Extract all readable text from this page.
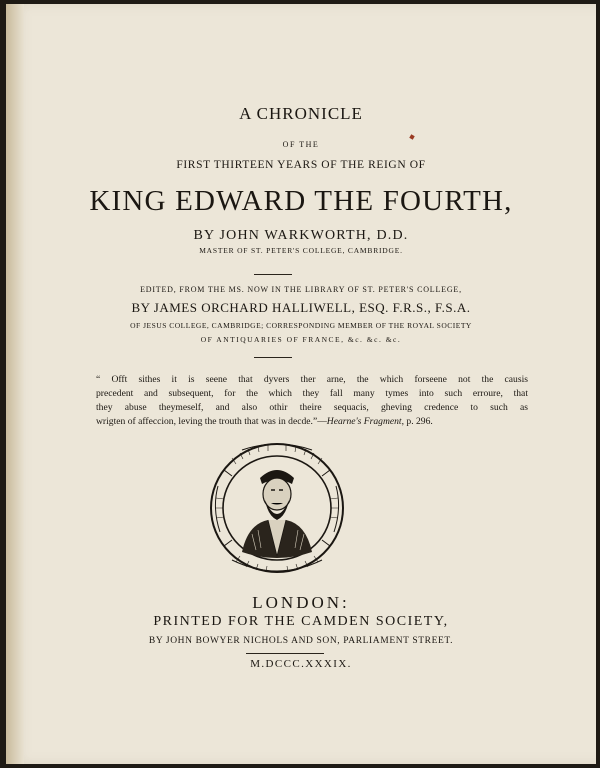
A CHRONICLE
OF THE
FIRST THIRTEEN YEARS OF THE REIGN OF
KING EDWARD THE FOURTH,
BY JOHN WARKWORTH, D.D.
MASTER OF ST. PETER'S COLLEGE, CAMBRIDGE.
EDITED, FROM THE MS. NOW IN THE LIBRARY OF ST. PETER'S COLLEGE,
BY JAMES ORCHARD HALLIWELL, ESQ. F.R.S., F.S.A.
OF JESUS COLLEGE, CAMBRIDGE; CORRESPONDING MEMBER OF THE ROYAL SOCIETY
OF ANTIQUARIES OF FRANCE, &c. &c. &c.
“ Offt sithes it is seene that dyvers ther arne, the which forseene not the causis
precedent and subsequent, for the which they fall many tymes into such erroure, that
they abuse theymeself, and also othir theire sequacis, gheving credence to such as
wrigten of affeccion, leving the trouth that was in decde.”—Hearne's Fragment, p. 296.
LONDON:
PRINTED FOR THE CAMDEN SOCIETY,
BY JOHN BOWYER NICHOLS AND SON, PARLIAMENT STREET.
M.DCCC.XXXIX.
